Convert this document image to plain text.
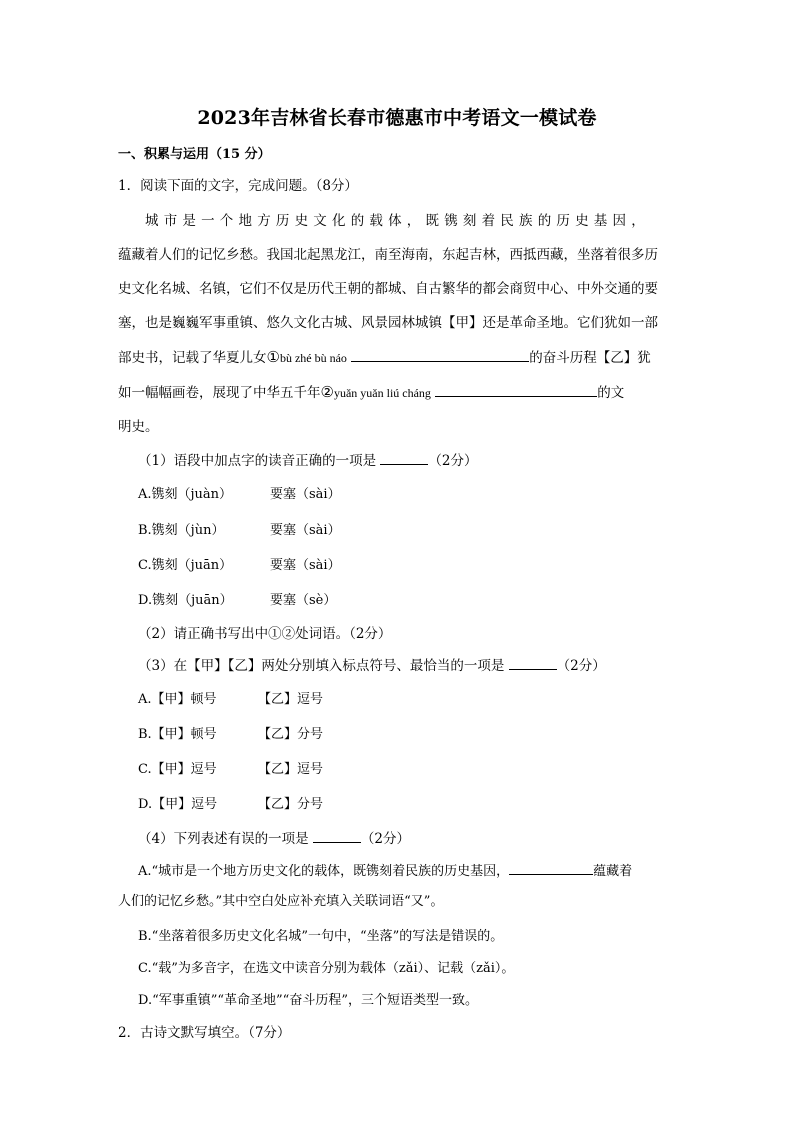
2023年吉林省长春市德惠市中考语文一模试卷
一、积累与运用（15 分）
1．阅读下面的文字，完成问题。（8分）
城市是一个地方历史文化的载体，既镌刻着民族的历史基因，
蕴藏着人们的记忆乡愁。我国北起黑龙江，南至海南，东起吉林，西抵西藏，坐落着很多历
史文化名城、名镇，它们不仅是历代王朝的都城、自古繁华的都会商贸中心、中外交通的要
塞，也是巍巍军事重镇、悠久文化古城、风景园林城镇【甲】还是革命圣地。它们犹如一部
部史书，记载了华夏儿女①bù zhé bù náo	的奋斗历程【乙】犹
如一幅幅画卷，展现了中华五千年②yuǎn yuǎn liú cháng	的文
明史。
（1）语段中加点字的读音正确的一项是	（2分）
A.镌刻（juàn）	要塞（sài）
B.镌刻（jùn）	要塞（sài）
C.镌刻（juān）	要塞（sài）
D.镌刻（juān）	要塞（sè）
（2）请正确书写出中①②处词语。（2分）
（3）在【甲】【乙】两处分别填入标点符号、最恰当的一项是	（2分）
A.【甲】顿号	【乙】逗号
B.【甲】顿号	【乙】分号
C.【甲】逗号	【乙】逗号
D.【甲】逗号	【乙】分号
（4）下列表述有误的一项是	（2分）
A.“城市是一个地方历史文化的载体，既镌刻着民族的历史基因，	蕴藏着
人们的记忆乡愁。”其中空白处应补充填入关联词语“又”。
B.“坐落着很多历史文化名城”一句中，“坐落”的写法是错误的。
C.“载”为多音字，在选文中读音分别为载体（zǎi）、记载（zǎi）。
D.“军事重镇”“革命圣地”“奋斗历程”，三个短语类型一致。
2．古诗文默写填空。（7分）
